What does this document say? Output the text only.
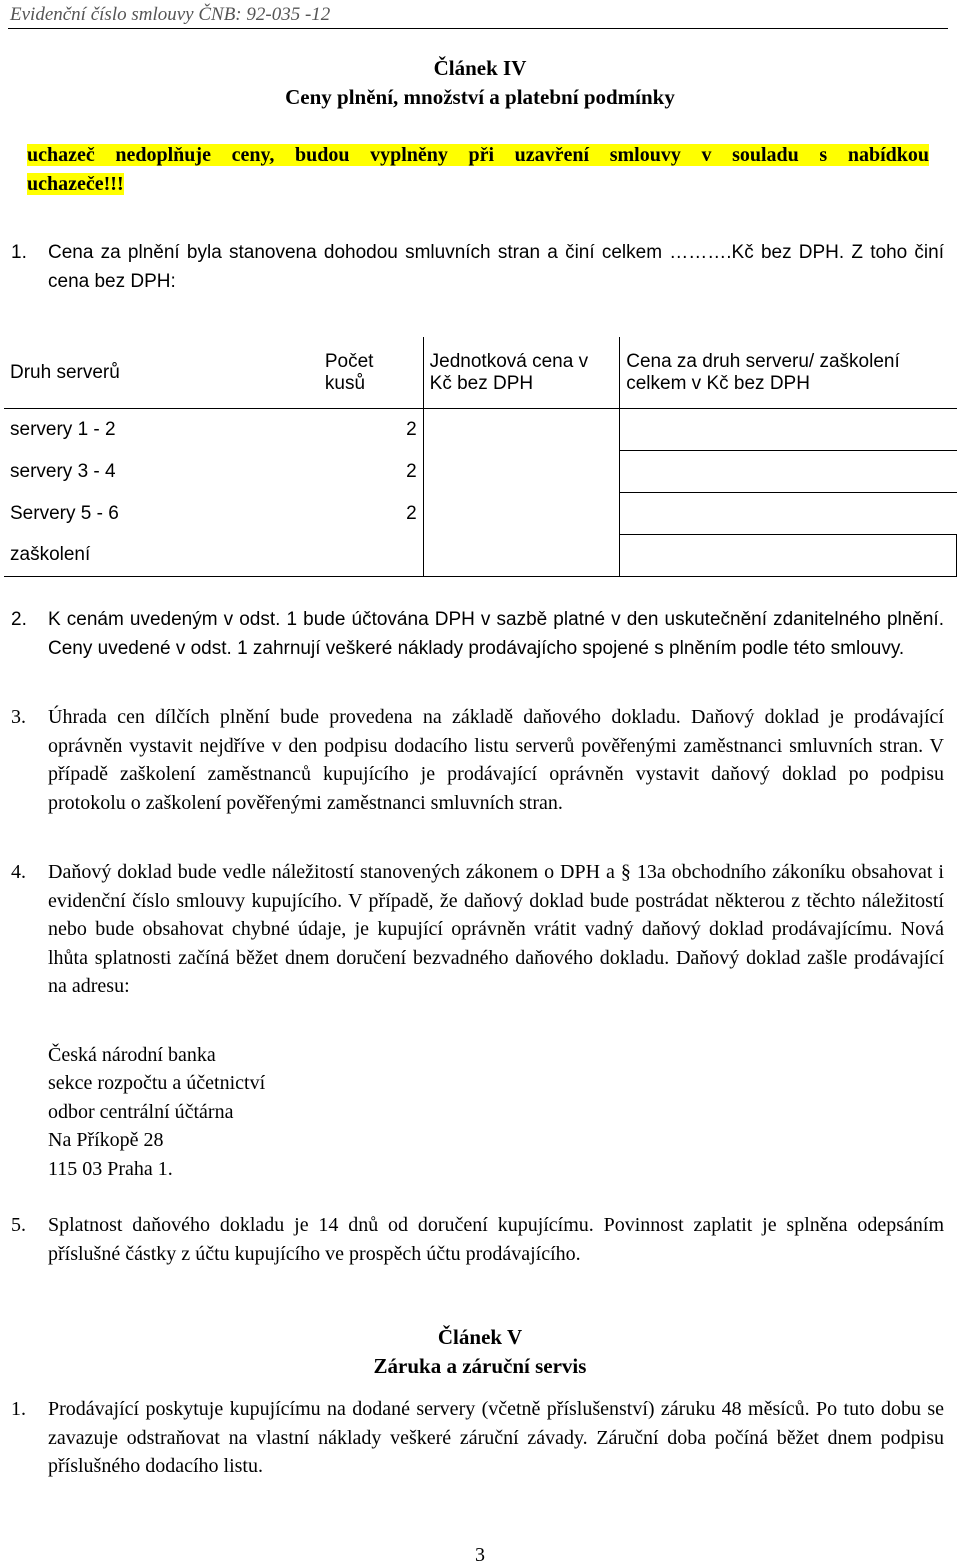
Evidenční číslo smlouvy ČNB: 92-035 -12
Článek IV
Ceny plnění, množství a platební podmínky
uchazeč nedoplňuje ceny, budou vyplněny při uzavření smlouvy v souladu s nabídkou
uchazeče!!!
1. Cena za plnění byla stanovena dohodou smluvních stran a činí celkem ……….Kč bez DPH. Z toho činí cena bez DPH:
Druh serverů	Počet kusů	Jednotková cena v Kč bez DPH	Cena za druh serveru/ zaškolení celkem v Kč bez DPH
servery 1 - 2	2		
servery 3 - 4	2		
Servery 5 - 6	2		
zaškolení			
2. K cenám uvedeným v odst. 1 bude účtována DPH v sazbě platné v den uskutečnění zdanitelného plnění. Ceny uvedené v odst. 1 zahrnují veškeré náklady prodávajícho spojené s plněním podle této smlouvy.
3. Úhrada cen dílčích plnění bude provedena na základě daňového dokladu. Daňový doklad je prodávající oprávněn vystavit nejdříve v den podpisu dodacího listu serverů pověřenými zaměstnanci smluvních stran. V případě zaškolení zaměstnanců kupujícího je prodávající oprávněn vystavit daňový doklad po podpisu protokolu o zaškolení pověřenými zaměstnanci smluvních stran.
4. Daňový doklad bude vedle náležitostí stanovených zákonem o DPH a § 13a obchodního zákoníku obsahovat i evidenční číslo smlouvy kupujícího. V případě, že daňový doklad bude postrádat některou z těchto náležitostí nebo bude obsahovat chybné údaje, je kupující oprávněn vrátit vadný daňový doklad prodávajícímu. Nová lhůta splatnosti začíná běžet dnem doručení bezvadného daňového dokladu. Daňový doklad zašle prodávající na adresu:
Česká národní banka
sekce rozpočtu a účetnictví
odbor centrální účtárna
Na Příkopě 28
115 03 Praha 1.
5. Splatnost daňového dokladu je 14 dnů od doručení kupujícímu. Povinnost zaplatit je splněna odepsáním příslušné částky z účtu kupujícího ve prospěch účtu prodávajícího.
Článek V
Záruka a záruční servis
1. Prodávající poskytuje kupujícímu na dodané servery (včetně příslušenství) záruku 48 měsíců. Po tuto dobu se zavazuje odstraňovat na vlastní náklady veškeré záruční závady. Záruční doba počíná běžet dnem podpisu příslušného dodacího listu.
3
